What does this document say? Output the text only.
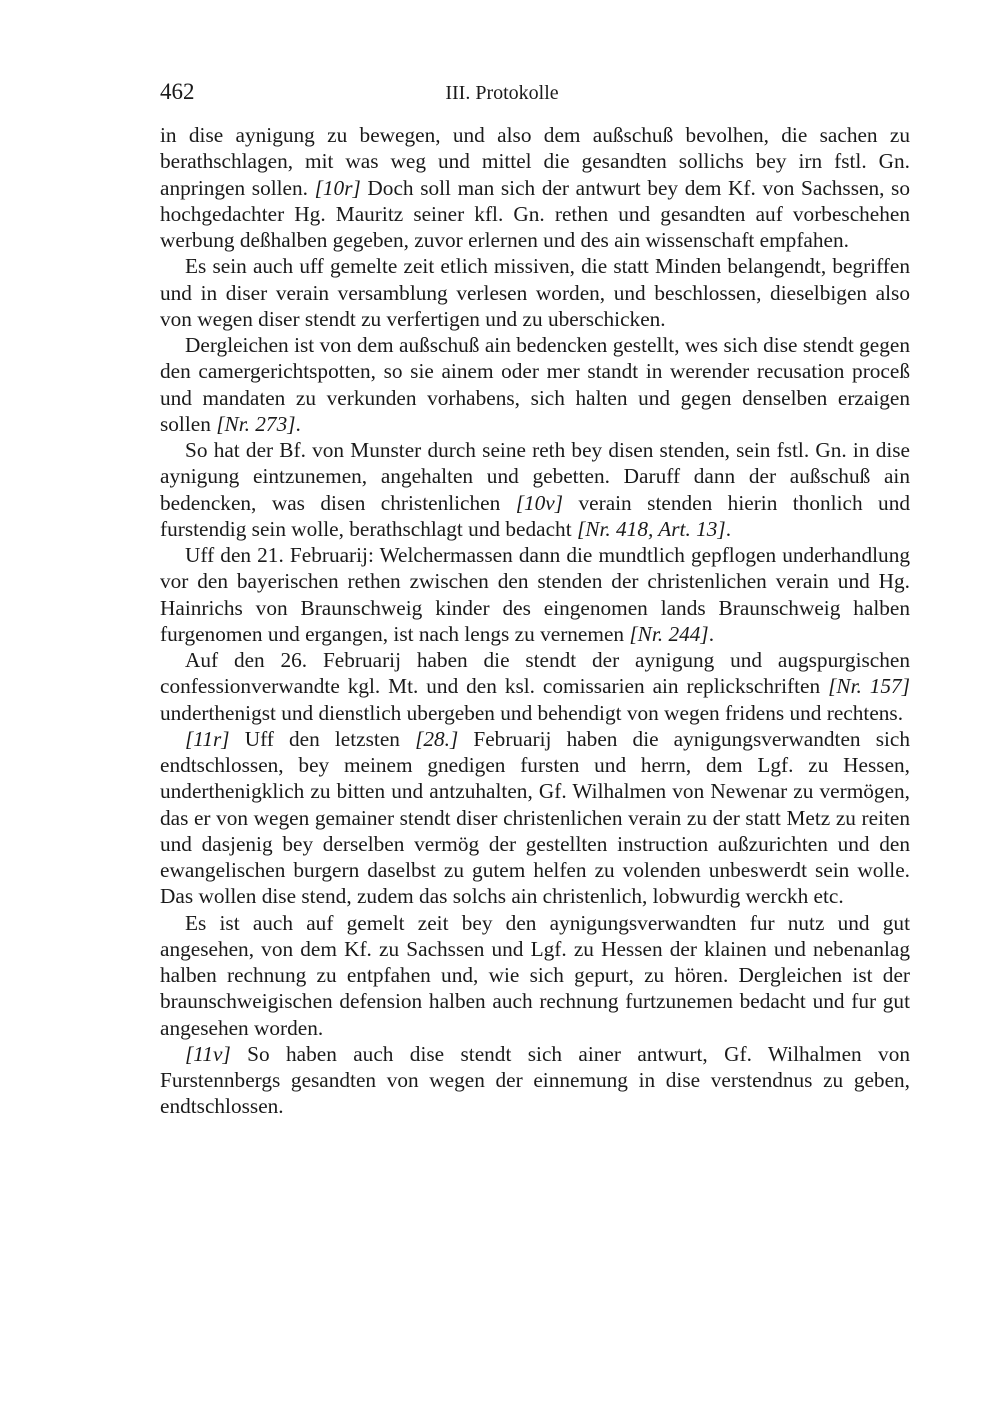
462	III. Protokolle

in dise aynigung zu bewegen, und also dem außschuß bevolhen, die sachen zu berathschlagen, mit was weg und mittel die gesandten sollichs bey irn fstl. Gn. anpringen sollen. [10r] Doch soll man sich der antwurt bey dem Kf. von Sachssen, so hochgedachter Hg. Mauritz seiner kfl. Gn. rethen und gesandten auf vorbeschehen werbung deßhalben gegeben, zuvor erlernen und des ain wissenschaft empfahen.

Es sein auch uff gemelte zeit etlich missiven, die statt Minden belangendt, begriffen und in diser verain versamblung verlesen worden, und beschlossen, dieselbigen also von wegen diser stendt zu verfertigen und zu uberschicken.

Dergleichen ist von dem außschuß ain bedencken gestellt, wes sich dise stendt gegen den camergerichtspotten, so sie ainem oder mer standt in werender recusation proceß und mandaten zu verkunden vorhabens, sich halten und gegen denselben erzaigen sollen [Nr. 273].

So hat der Bf. von Munster durch seine reth bey disen stenden, sein fstl. Gn. in dise aynigung eintzunemen, angehalten und gebetten. Daruff dann der außschuß ain bedencken, was disen christenlichen [10v] verain stenden hierin thonlich und furstendig sein wolle, berathschlagt und bedacht [Nr. 418, Art. 13].

Uff den 21. Februarij: Welchermassen dann die mundtlich gepflogen underhandlung vor den bayerischen rethen zwischen den stenden der christenlichen verain und Hg. Hainrichs von Braunschweig kinder des eingenomen lands Braunschweig halben furgenomen und ergangen, ist nach lengs zu vernemen [Nr. 244].

Auf den 26. Februarij haben die stendt der aynigung und augspurgischen confessionverwandte kgl. Mt. und den ksl. comissarien ain replickschriften [Nr. 157] underthenigst und dienstlich ubergeben und behendigt von wegen fridens und rechtens.

[11r] Uff den letzsten [28.] Februarij haben die aynigungsverwandten sich endtschlossen, bey meinem gnedigen fursten und herrn, dem Lgf. zu Hessen, underthenigklich zu bitten und antzuhalten, Gf. Wilhalmen von Newenar zu vermögen, das er von wegen gemainer stendt diser christenlichen verain zu der statt Metz zu reiten und dasjenig bey derselben vermög der gestellten instruction außzurichten und den ewangelischen burgern daselbst zu gutem helfen zu volenden unbeswerdt sein wolle. Das wollen dise stend, zudem das solchs ain christenlich, lobwurdig werckh etc.

Es ist auch auf gemelt zeit bey den aynigungsverwandten fur nutz und gut angesehen, von dem Kf. zu Sachssen und Lgf. zu Hessen der klainen und nebenanlag halben rechnung zu entpfahen und, wie sich gepurt, zu hören. Dergleichen ist der braunschweigischen defension halben auch rechnung furtzunemen bedacht und fur gut angesehen worden.

[11v] So haben auch dise stendt sich ainer antwurt, Gf. Wilhalmen von Furstennbergs gesandten von wegen der einnemung in dise verstendnus zu geben, endtschlossen.
